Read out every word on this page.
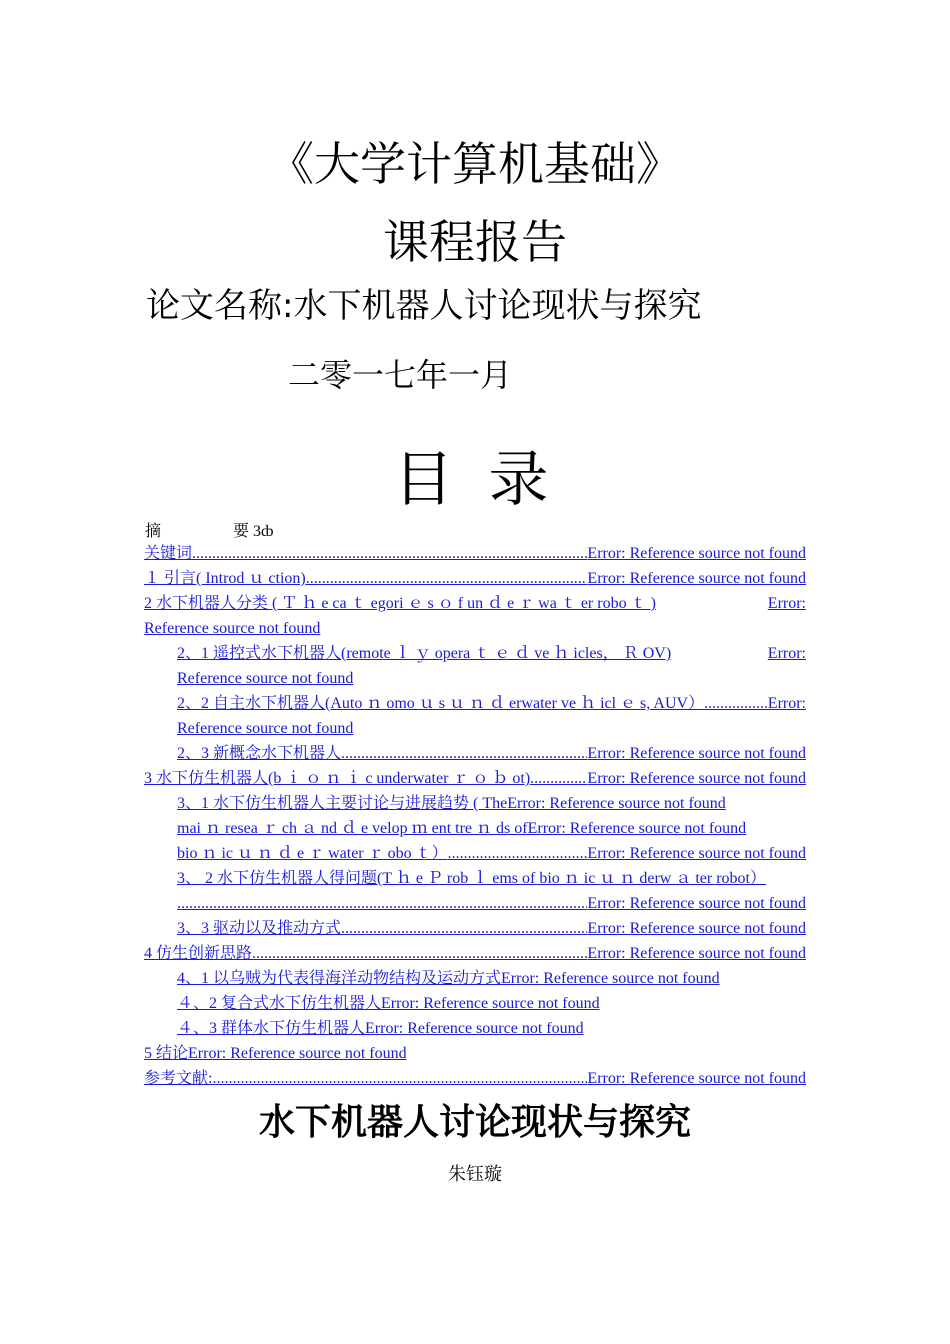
《大学计算机基础》
课程报告
论文名称:水下机器人讨论现状与探究
二零一七年一月
目 录
摘	要 3ȸ
关键词 .....	Error: Reference source not found
１ 引言( Introd ｕ ction) .....	Error: Reference source not found
2 水下机器人分类 ( Ｔ ｈ e ca ｔ egori ｅ s ｏ f un ｄ e ｒ wa ｔ er robo ｔ )	Error:
Reference source not found
2、1 遥控式水下机器人(remote ｌ ｙ opera ｔ ｅ ｄ ve ｈ icles， Ｒ OV)	Error:
Reference source not found
2、2 自主水下机器人(Auto ｎ omo ｕ s ｕ ｎ ｄ erwater ve ｈ icl ｅ s, AUV） .....	Error:
Reference source not found
2、3 新概念水下机器人 .....	Error: Reference source not found
3 水下仿生机器人(b ｉ ｏ ｎ ｉ c underwater ｒ ｏ ｂ ot) .....	Error: Reference source not found
3、1 水下仿生机器人主要讨论与进展趋势 ( The Error: Reference source not found
mai ｎ resea ｒ ch ａ nd ｄ e velop ｍ ent tre ｎ ds of Error: Reference source not found
bio ｎ ic ｕ ｎ ｄ e ｒ water ｒ obo ｔ） .....	Error: Reference source not found
3、 2 水下仿生机器人得问题(T ｈ e Ｐ rob ｌ ems of bio ｎ ic ｕ ｎ derw ａ ter robot）
.....
Error: Reference source not found
3、3 驱动以及推动方式 .....	Error: Reference source not found
4 仿生创新思路 .....	Error: Reference source not found
4、1 以乌贼为代表得海洋动物结构及运动方式 Error: Reference source not found
４、2 复合式水下仿生机器人 Error: Reference source not found
４、3 群体水下仿生机器人 Error: Reference source not found
5 结论 Error: Reference source not found
参考文献: .....	Error: Reference source not found
水下机器人讨论现状与探究
朱钰璇
